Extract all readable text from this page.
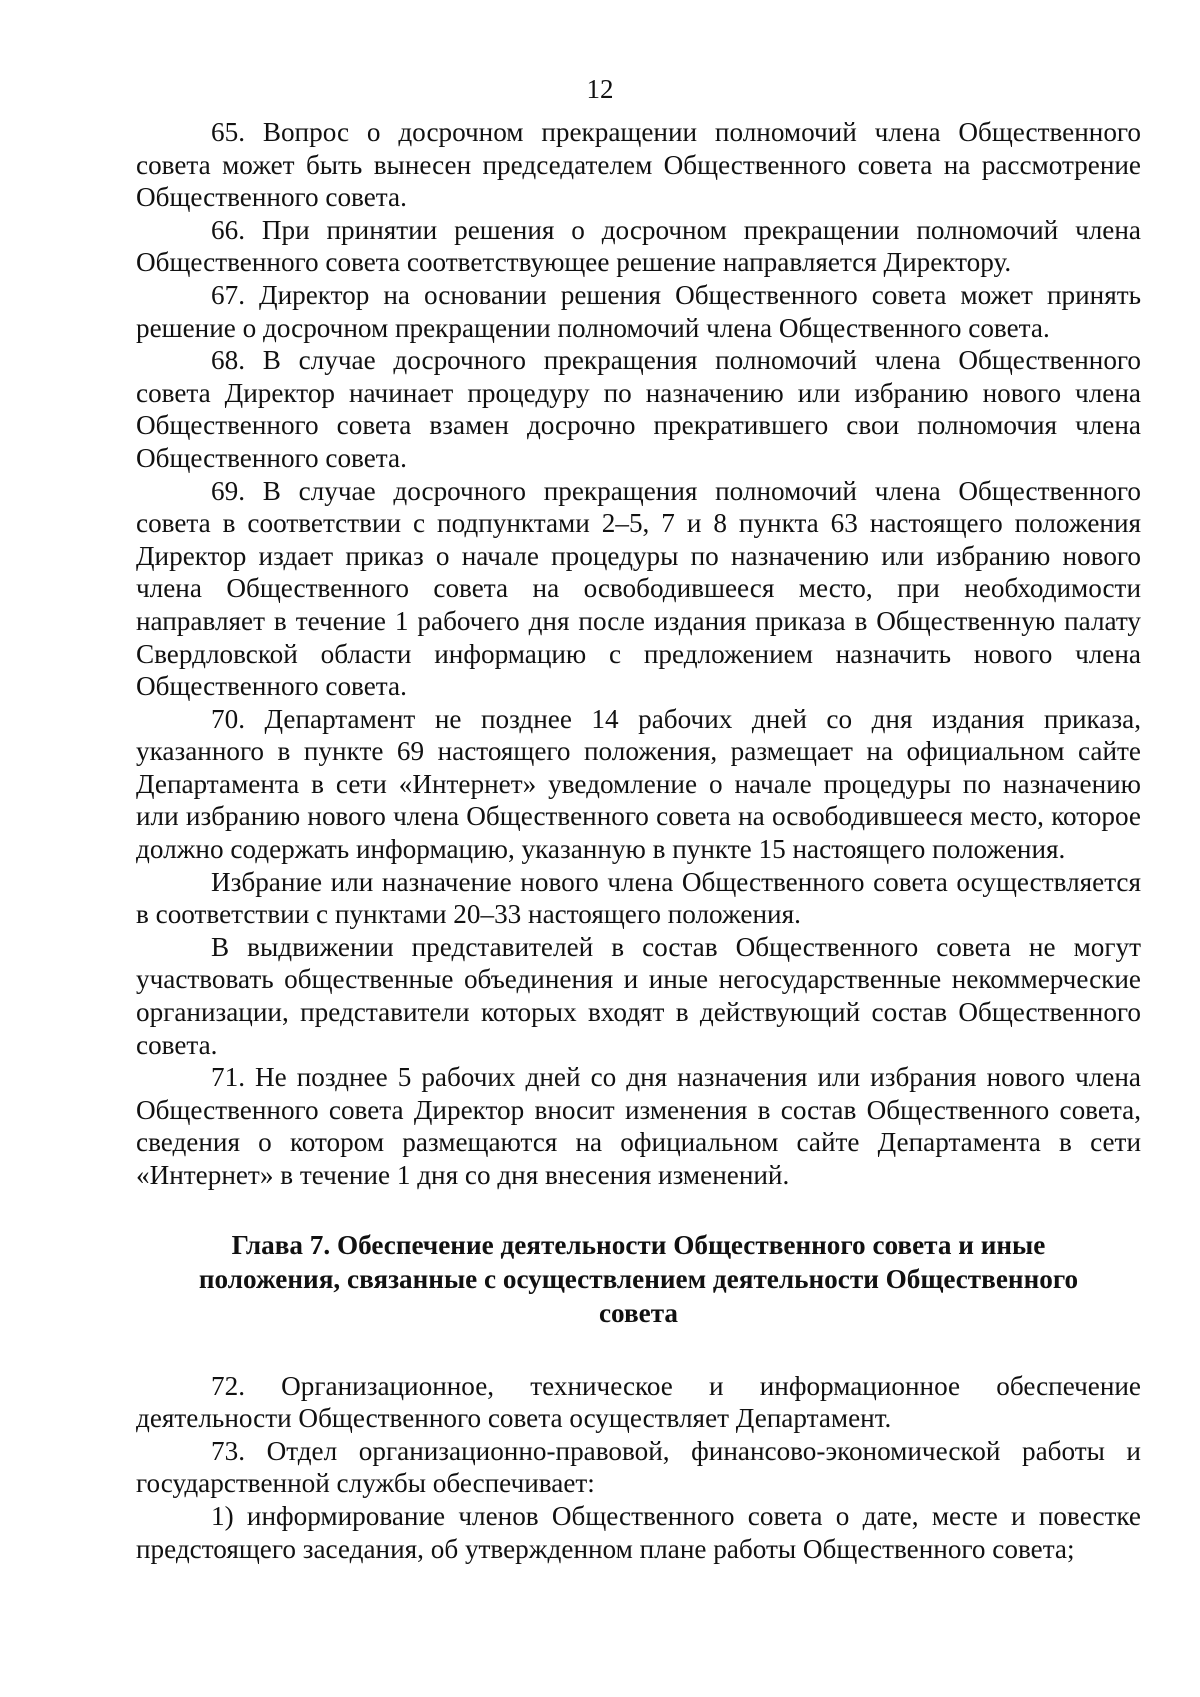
12

65. Вопрос о досрочном прекращении полномочий члена Общественного совета может быть вынесен председателем Общественного совета на рассмотрение Общественного совета.

66. При принятии решения о досрочном прекращении полномочий члена Общественного совета соответствующее решение направляется Директору.

67. Директор на основании решения Общественного совета может принять решение о досрочном прекращении полномочий члена Общественного совета.

68. В случае досрочного прекращения полномочий члена Общественного совета Директор начинает процедуру по назначению или избранию нового члена Общественного совета взамен досрочно прекратившего свои полномочия члена Общественного совета.

69. В случае досрочного прекращения полномочий члена Общественного совета в соответствии с подпунктами 2–5, 7 и 8 пункта 63 настоящего положения Директор издает приказ о начале процедуры по назначению или избранию нового члена Общественного совета на освободившееся место, при необходимости направляет в течение 1 рабочего дня после издания приказа в Общественную палату Свердловской области информацию с предложением назначить нового члена Общественного совета.

70. Департамент не позднее 14 рабочих дней со дня издания приказа, указанного в пункте 69 настоящего положения, размещает на официальном сайте Департамента в сети «Интернет» уведомление о начале процедуры по назначению или избранию нового члена Общественного совета на освободившееся место, которое должно содержать информацию, указанную в пункте 15 настоящего положения.

Избрание или назначение нового члена Общественного совета осуществляется в соответствии с пунктами 20–33 настоящего положения.

В выдвижении представителей в состав Общественного совета не могут участвовать общественные объединения и иные негосударственные некоммерческие организации, представители которых входят в действующий состав Общественного совета.

71. Не позднее 5 рабочих дней со дня назначения или избрания нового члена Общественного совета Директор вносит изменения в состав Общественного совета, сведения о котором размещаются на официальном сайте Департамента в сети «Интернет» в течение 1 дня со дня внесения изменений.

Глава 7. Обеспечение деятельности Общественного совета и иные положения, связанные с осуществлением деятельности Общественного совета

72. Организационное, техническое и информационное обеспечение деятельности Общественного совета осуществляет Департамент.

73. Отдел организационно-правовой, финансово-экономической работы и государственной службы обеспечивает:

1) информирование членов Общественного совета о дате, месте и повестке предстоящего заседания, об утвержденном плане работы Общественного совета;
